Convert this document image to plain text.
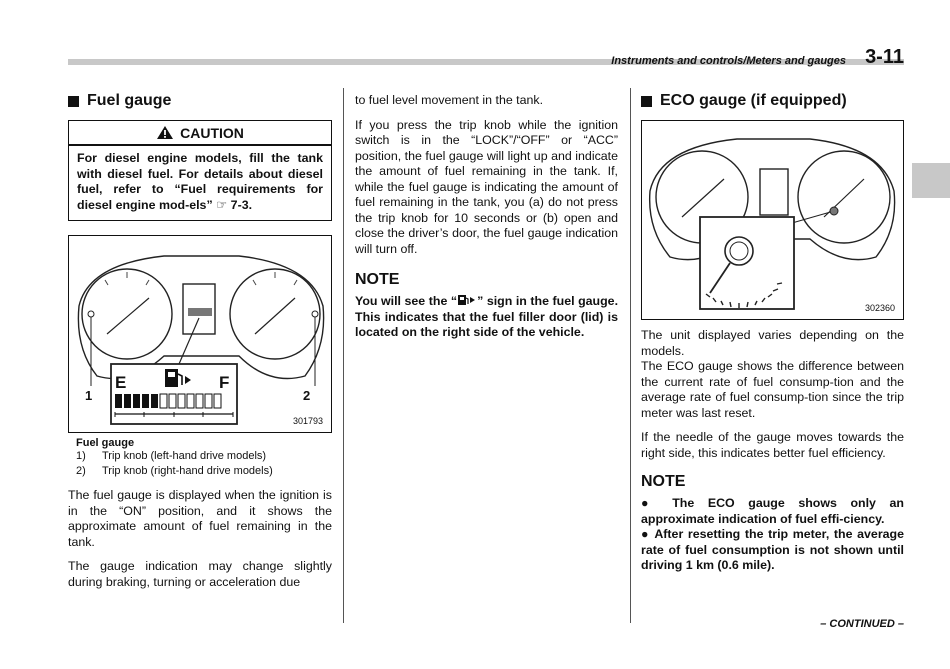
Instruments and controls/Meters and gauges 3-11
Fuel gauge
CAUTION
For diesel engine models, fill the tank with diesel fuel. For details about diesel fuel, refer to “Fuel requirements for diesel engine mod-els” ☞ 7-3.
E	F
1	2
301793
Fuel gauge
1)	Trip knob (left-hand drive models)
2)	Trip knob (right-hand drive models)

The fuel gauge is displayed when the ignition is in the “ON” position, and it shows the approximate amount of fuel remaining in the tank.

The gauge indication may change slightly during braking, turning or acceleration due

to fuel level movement in the tank.

If you press the trip knob while the ignition switch is in the “LOCK”/“OFF” or “ACC” position, the fuel gauge will light up and indicate the amount of fuel remaining in the tank. If, while the fuel gauge is indicating the amount of fuel remaining in the tank, you (a) do not press the trip knob for 10 seconds or (b) open and close the driver’s door, the fuel gauge indication will turn off.

NOTE
You will see the “ ” sign in the fuel gauge. This indicates that the fuel filler door (lid) is located on the right side of the vehicle.
ECO gauge (if equipped)
302360

The unit displayed varies depending on the models.

The ECO gauge shows the difference between the current rate of fuel consump-tion and the average rate of fuel consump-tion since the trip meter was last reset.

If the needle of the gauge moves towards the right side, this indicates better fuel efficiency.

NOTE
● The ECO gauge shows only an approximate indication of fuel effi-ciency.
● After resetting the trip meter, the average rate of fuel consumption is not shown until driving 1 km (0.6 mile).
– CONTINUED –
